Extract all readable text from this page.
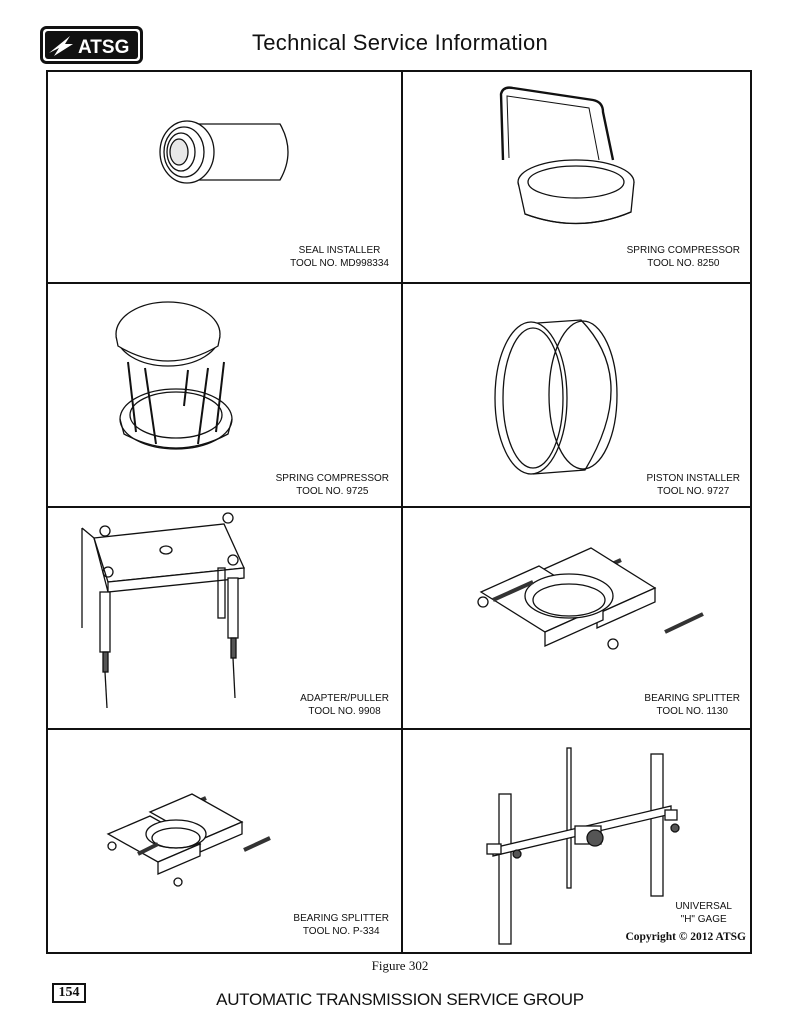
ATSG	Technical Service Information
SEAL INSTALLER
TOOL NO. MD998334
SPRING COMPRESSOR
TOOL NO. 8250
SPRING COMPRESSOR
TOOL NO. 9725
PISTON INSTALLER
TOOL NO. 9727
ADAPTER/PULLER
TOOL NO. 9908
BEARING SPLITTER
TOOL NO. 1130
BEARING SPLITTER
TOOL NO. P-334
UNIVERSAL
"H" GAGE
Copyright © 2012 ATSG
Figure 302
154	AUTOMATIC TRANSMISSION SERVICE GROUP
